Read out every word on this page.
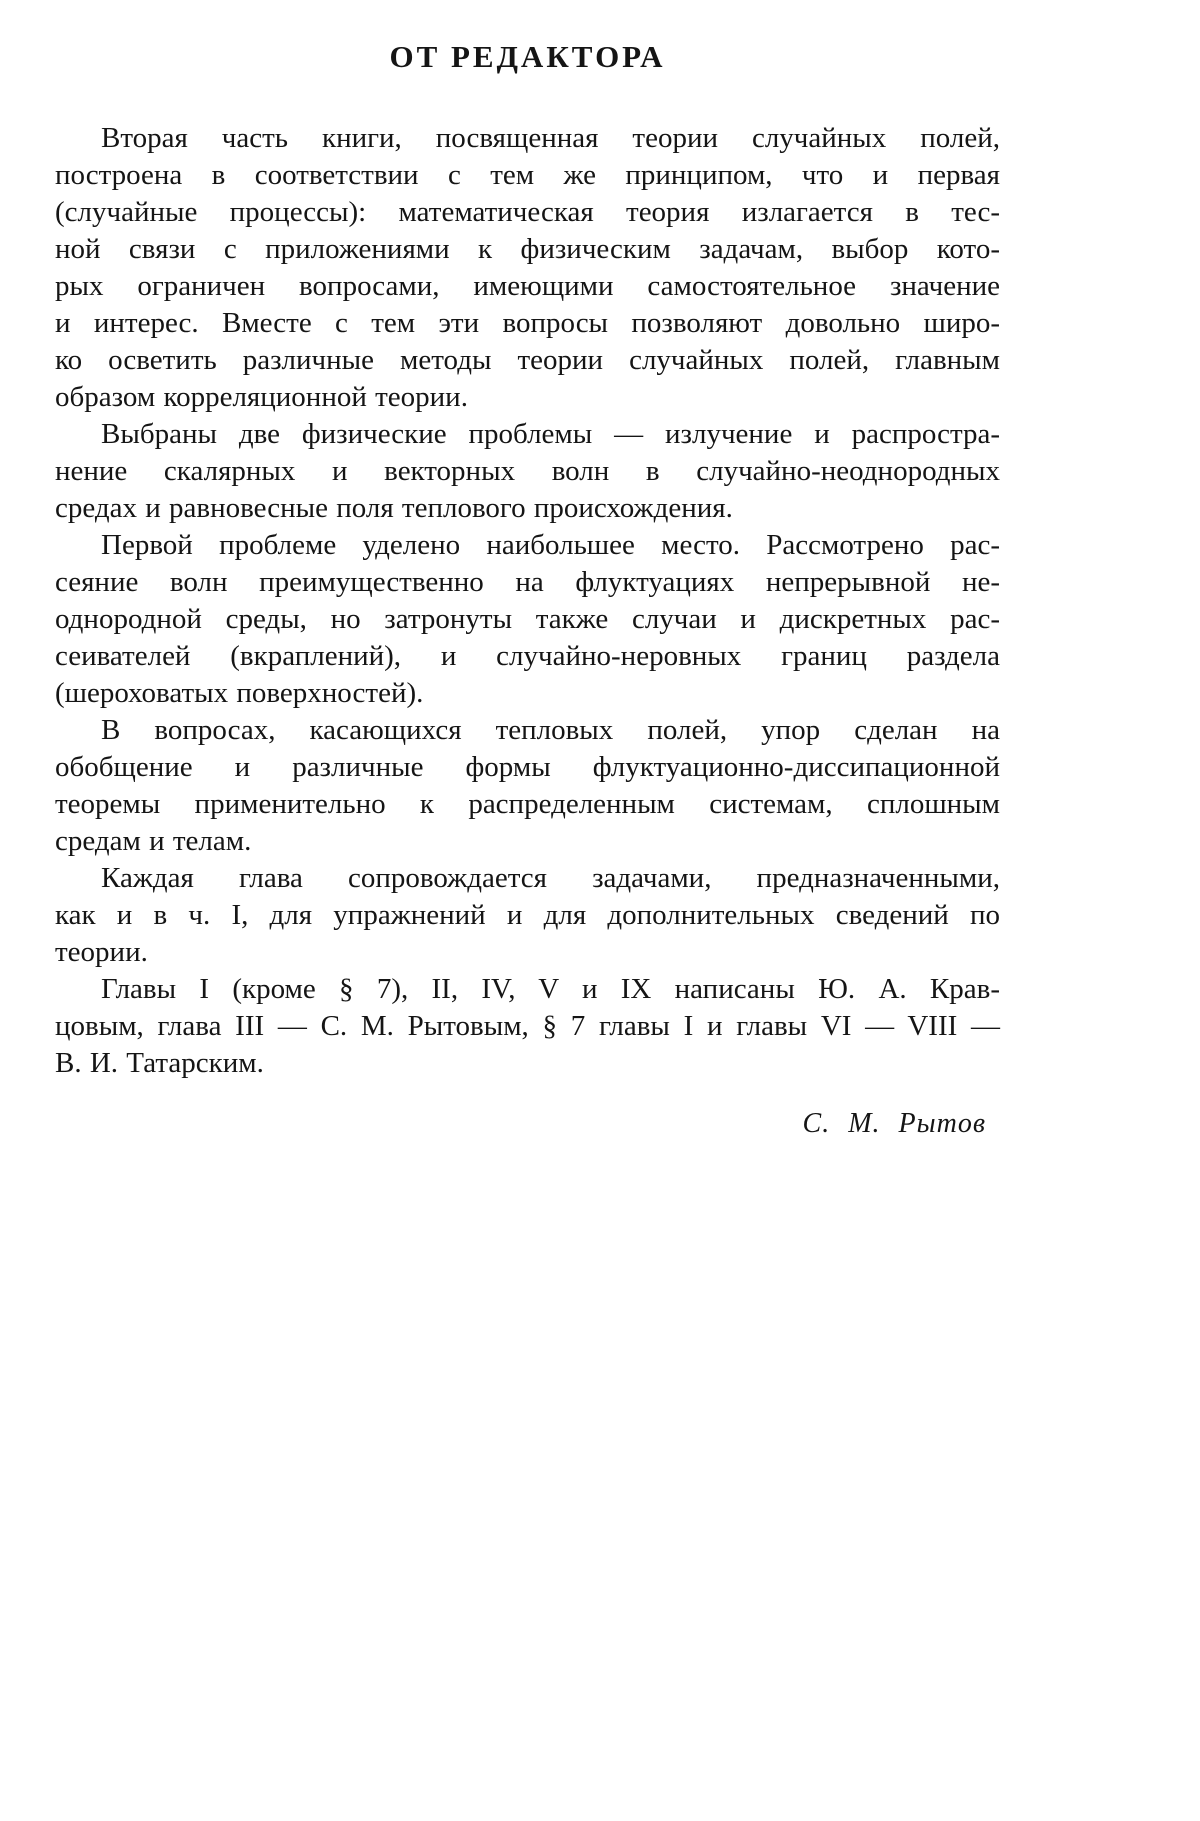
ОТ РЕДАКТОРА

Вторая часть книги, посвященная теории случайных полей,
построена в соответствии с тем же принципом, что и первая
(случайные процессы): математическая теория излагается в тес-
ной связи с приложениями к физическим задачам, выбор кото-
рых ограничен вопросами, имеющими самостоятельное значение
и интерес. Вместе с тем эти вопросы позволяют довольно широ-
ко осветить различные методы теории случайных полей, главным
образом корреляционной теории.

Выбраны две физические проблемы — излучение и распростра-
нение скалярных и векторных волн в случайно-неоднородных
средах и равновесные поля теплового происхождения.

Первой проблеме уделено наибольшее место. Рассмотрено рас-
сеяние волн преимущественно на флуктуациях непрерывной не-
однородной среды, но затронуты также случаи и дискретных рас-
сеивателей (вкраплений), и случайно-неровных границ раздела
(шероховатых поверхностей).

В вопросах, касающихся тепловых полей, упор сделан на
обобщение и различные формы флуктуационно-диссипационной
теоремы применительно к распределенным системам, сплошным
средам и телам.

Каждая глава сопровождается задачами, предназначенными,
как и в ч. I, для упражнений и для дополнительных сведений по
теории.

Главы I (кроме § 7), II, IV, V и IX написаны Ю. А. Крав-
цовым, глава III — С. М. Рытовым, § 7 главы I и главы VI — VIII —
В. И. Татарским.

С. М. Рытов
